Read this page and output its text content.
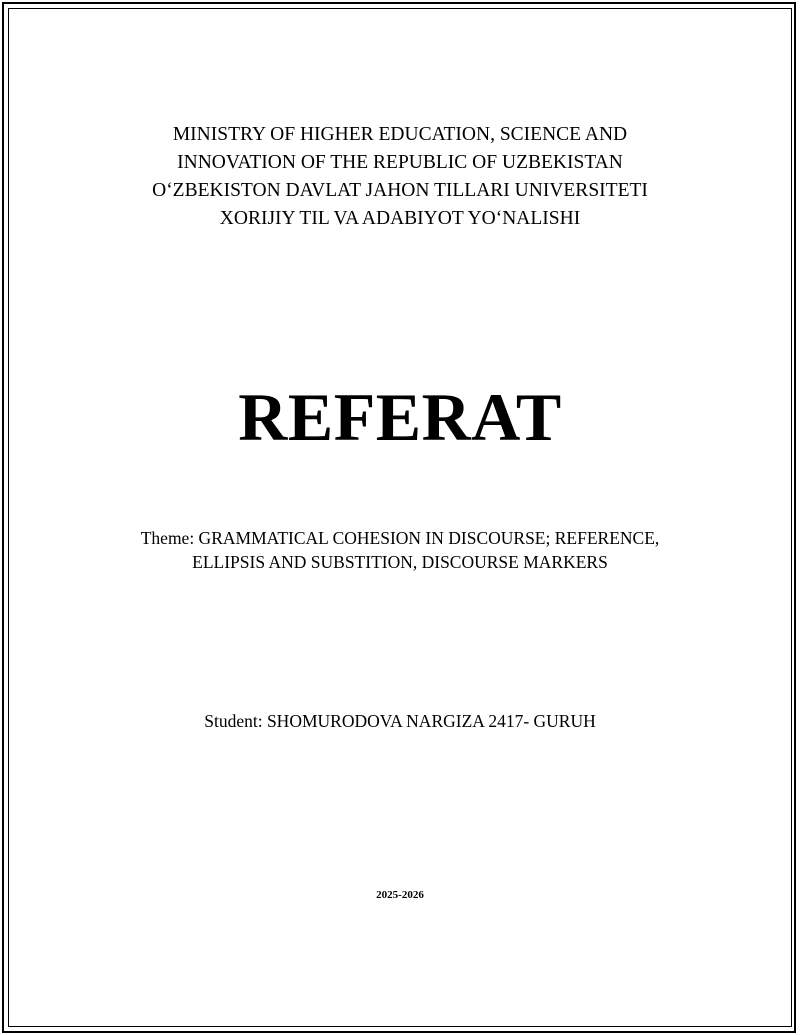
MINISTRY OF HIGHER EDUCATION, SCIENCE AND
INNOVATION OF THE REPUBLIC OF UZBEKISTAN
O‘ZBEKISTON DAVLAT JAHON TILLARI UNIVERSITETI
XORIJIY TIL VA ADABIYOT YO‘NALISHI
REFERAT
Theme: GRAMMATICAL COHESION IN DISCOURSE; REFERENCE,
ELLIPSIS AND SUBSTITION, DISCOURSE MARKERS
Student: SHOMURODOVA NARGIZA 2417- GURUH
2025-2026
